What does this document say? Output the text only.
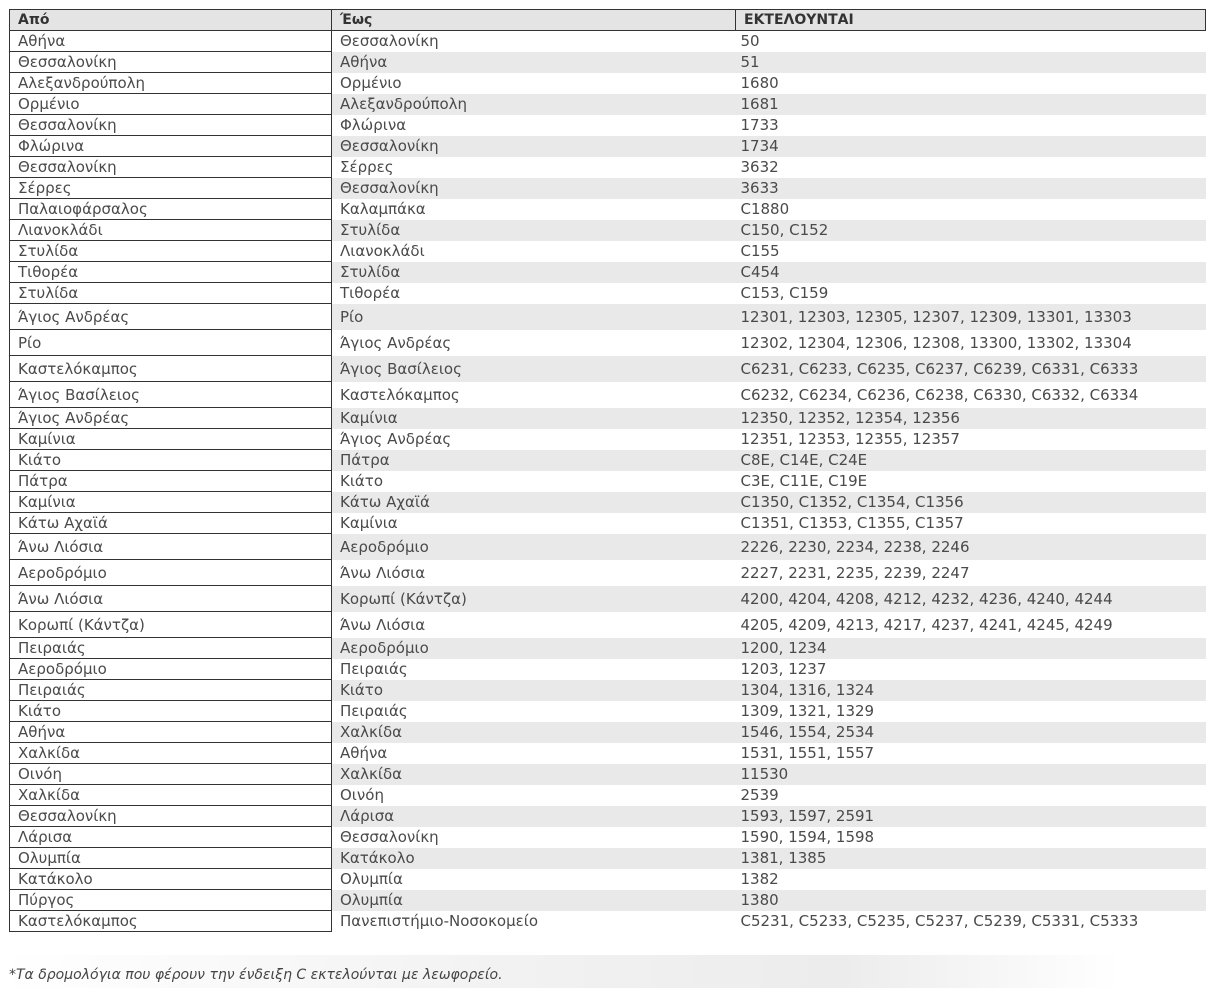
Από	Έως	ΕΚΤΕΛΟΥΝΤΑΙ
Αθήνα	Θεσσαλονίκη	50
Θεσσαλονίκη	Αθήνα	51
Αλεξανδρούπολη	Ορμένιο	1680
Ορμένιο	Αλεξανδρούπολη	1681
Θεσσαλονίκη	Φλώρινα	1733
Φλώρινα	Θεσσαλονίκη	1734
Θεσσαλονίκη	Σέρρες	3632
Σέρρες	Θεσσαλονίκη	3633
Παλαιοφάρσαλος	Καλαμπάκα	C1880
Λιανοκλάδι	Στυλίδα	C150, C152
Στυλίδα	Λιανοκλάδι	C155
Τιθορέα	Στυλίδα	C454
Στυλίδα	Τιθορέα	C153, C159
Άγιος Ανδρέας	Ρίο	12301, 12303, 12305, 12307, 12309, 13301, 13303
Ρίο	Άγιος Ανδρέας	12302, 12304, 12306, 12308, 13300, 13302, 13304
Καστελόκαμπος	Άγιος Βασίλειος	C6231, C6233, C6235, C6237, C6239, C6331, C6333
Άγιος Βασίλειος	Καστελόκαμπος	C6232, C6234, C6236, C6238, C6330, C6332, C6334
Άγιος Ανδρέας	Καμίνια	12350, 12352, 12354, 12356
Καμίνια	Άγιος Ανδρέας	12351, 12353, 12355, 12357
Κιάτο	Πάτρα	C8E, C14E, C24E
Πάτρα	Κιάτο	C3E, C11E, C19E
Καμίνια	Κάτω Αχαϊά	C1350, C1352, C1354, C1356
Κάτω Αχαϊά	Καμίνια	C1351, C1353, C1355, C1357
Άνω Λιόσια	Αεροδρόμιο	2226, 2230, 2234, 2238, 2246
Αεροδρόμιο	Άνω Λιόσια	2227, 2231, 2235, 2239, 2247
Άνω Λιόσια	Κορωπί (Κάντζα)	4200, 4204, 4208, 4212, 4232, 4236, 4240, 4244
Κορωπί (Κάντζα)	Άνω Λιόσια	4205, 4209, 4213, 4217, 4237, 4241, 4245, 4249
Πειραιάς	Αεροδρόμιο	1200, 1234
Αεροδρόμιο	Πειραιάς	1203, 1237
Πειραιάς	Κιάτο	1304, 1316, 1324
Κιάτο	Πειραιάς	1309, 1321, 1329
Αθήνα	Χαλκίδα	1546, 1554, 2534
Χαλκίδα	Αθήνα	1531, 1551, 1557
Οινόη	Χαλκίδα	11530
Χαλκίδα	Οινόη	2539
Θεσσαλονίκη	Λάρισα	1593, 1597, 2591
Λάρισα	Θεσσαλονίκη	1590, 1594, 1598
Ολυμπία	Κατάκολο	1381, 1385
Κατάκολο	Ολυμπία	1382
Πύργος	Ολυμπία	1380
Καστελόκαμπος	Πανεπιστήμιο-Νοσοκομείο	C5231, C5233, C5235, C5237, C5239, C5331, C5333
*Τα δρομολόγια που φέρουν την ένδειξη C εκτελούνται με λεωφορείο.
